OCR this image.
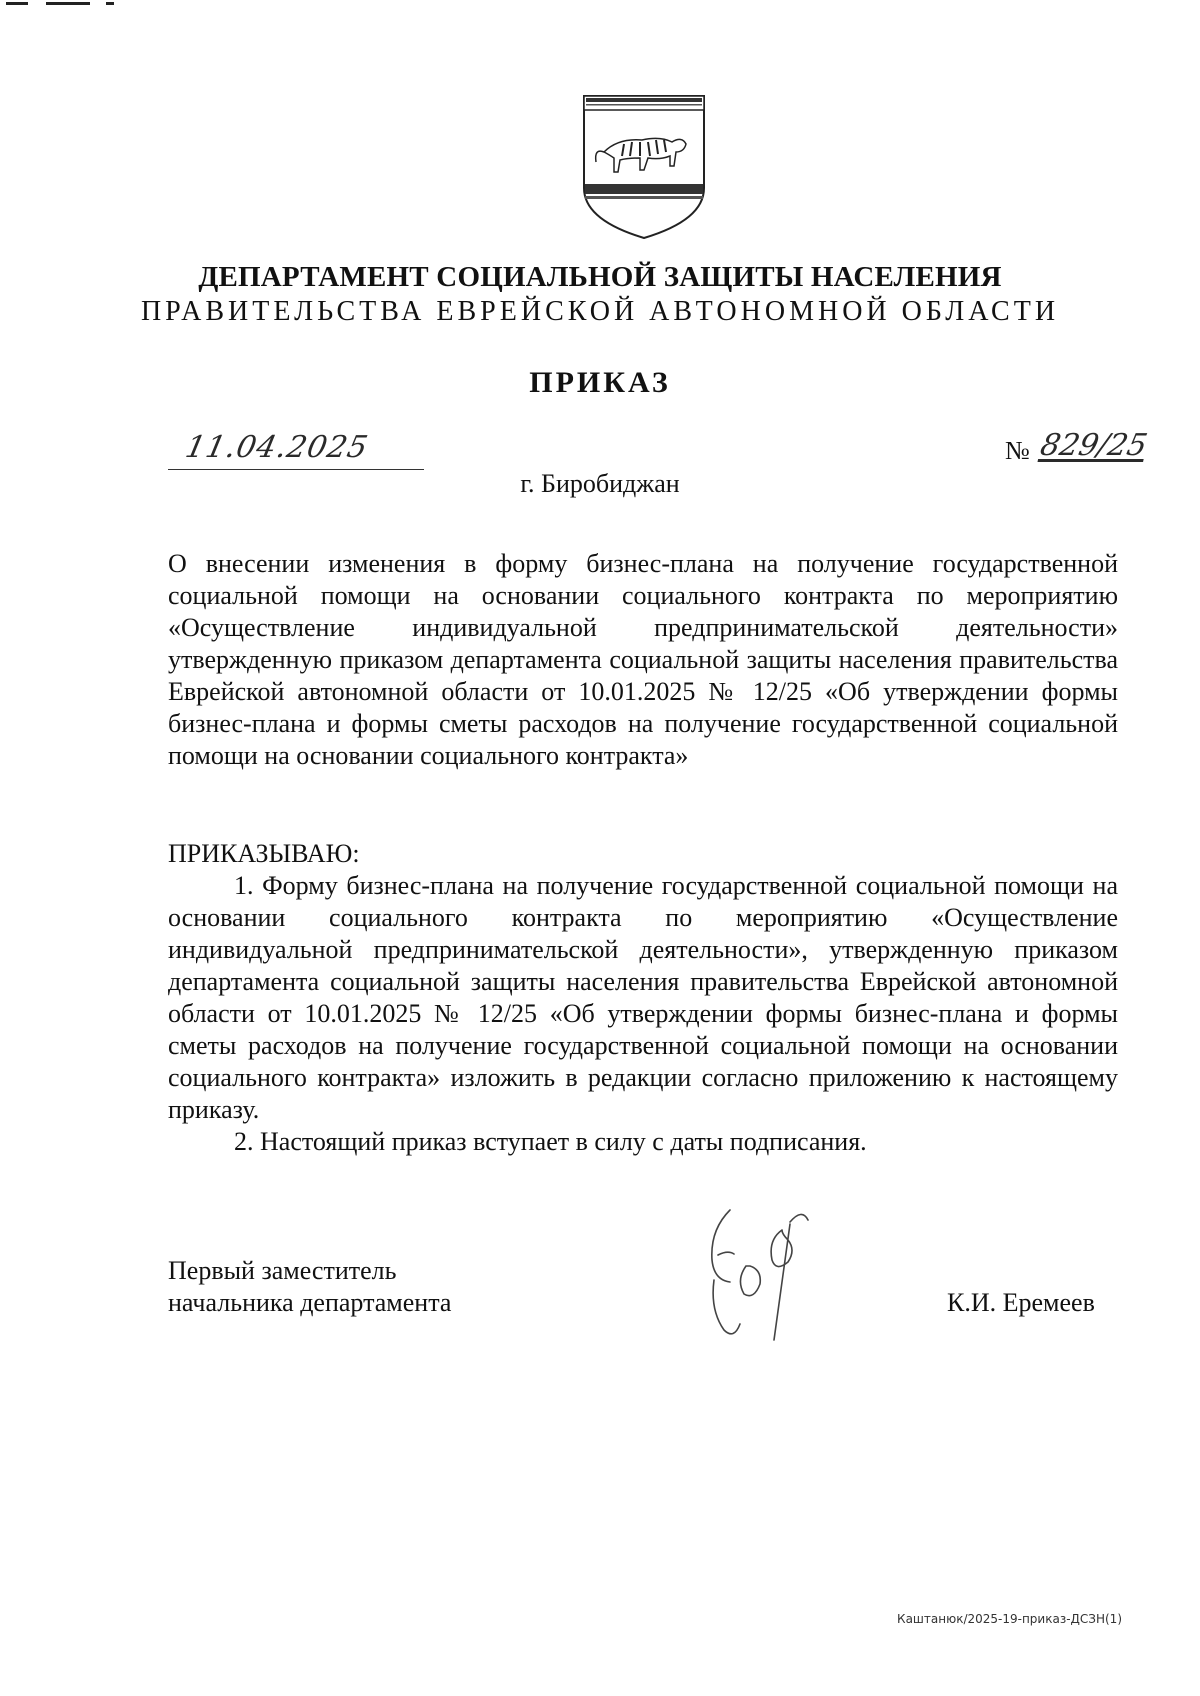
ДЕПАРТАМЕНТ СОЦИАЛЬНОЙ ЗАЩИТЫ НАСЕЛЕНИЯ
ПРАВИТЕЛЬСТВА ЕВРЕЙСКОЙ АВТОНОМНОЙ ОБЛАСТИ
ПРИКАЗ
11.04.2025	№ 829/25
г. Биробиджан
О внесении изменения в форму бизнес-плана на получение государственной социальной помощи на основании социального контракта по мероприятию «Осуществление индивидуальной предпринимательской деятельности» утвержденную приказом департамента социальной защиты населения правительства Еврейской автономной области от 10.01.2025 № 12/25 «Об утверждении формы бизнес-плана и формы сметы расходов на получение государственной социальной помощи на основании социального контракта»
ПРИКАЗЫВАЮ:
1. Форму бизнес-плана на получение государственной социальной помощи на основании социального контракта по мероприятию «Осуществление индивидуальной предпринимательской деятельности», утвержденную приказом департамента социальной защиты населения правительства Еврейской автономной области от 10.01.2025 № 12/25 «Об утверждении формы бизнес-плана и формы сметы расходов на получение государственной социальной помощи на основании социального контракта» изложить в редакции согласно приложению к настоящему приказу.
2. Настоящий приказ вступает в силу с даты подписания.
Первый заместитель
начальника департамента	К.И. Еремеев
Каштанюк/2025-19-приказ-ДСЗН(1)
